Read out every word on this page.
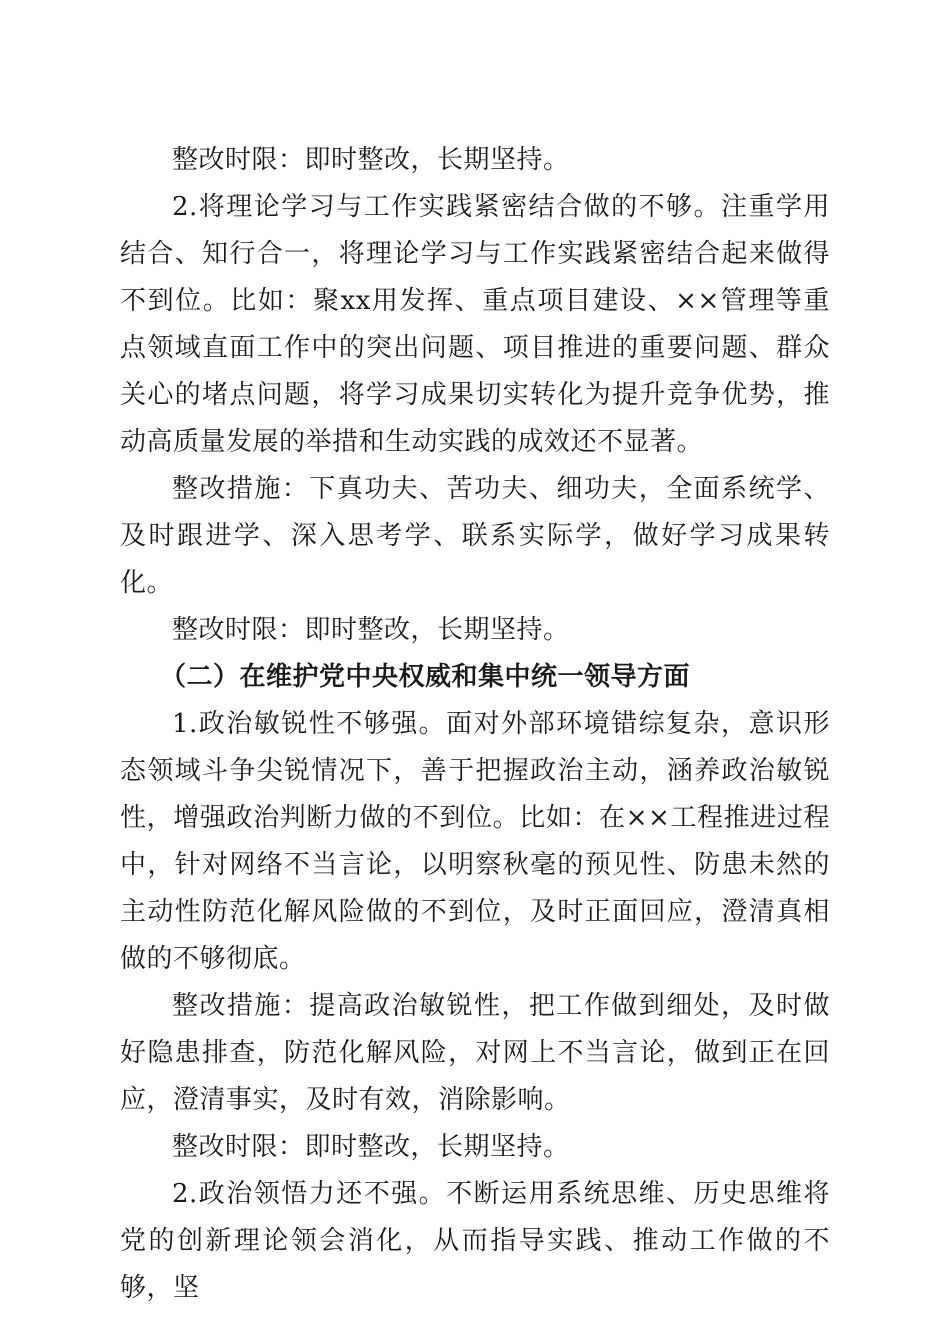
整改时限：即时整改，长期坚持。

2.将理论学习与工作实践紧密结合做的不够。注重学用结合、知行合一，将理论学习与工作实践紧密结合起来做得不到位。比如：聚xx用发挥、重点项目建设、××管理等重点领域直面工作中的突出问题、项目推进的重要问题、群众关心的堵点问题，将学习成果切实转化为提升竞争优势，推动高质量发展的举措和生动实践的成效还不显著。

整改措施：下真功夫、苦功夫、细功夫，全面系统学、及时跟进学、深入思考学、联系实际学，做好学习成果转化。

整改时限：即时整改，长期坚持。

（二）在维护党中央权威和集中统一领导方面

1.政治敏锐性不够强。面对外部环境错综复杂，意识形态领域斗争尖锐情况下，善于把握政治主动，涵养政治敏锐性，增强政治判断力做的不到位。比如：在××工程推进过程中，针对网络不当言论，以明察秋毫的预见性、防患未然的主动性防范化解风险做的不到位，及时正面回应，澄清真相做的不够彻底。

整改措施：提高政治敏锐性，把工作做到细处，及时做好隐患排查，防范化解风险，对网上不当言论，做到正在回应，澄清事实，及时有效，消除影响。

整改时限：即时整改，长期坚持。

2.政治领悟力还不强。不断运用系统思维、历史思维将党的创新理论领会消化，从而指导实践、推动工作做的不够，坚
